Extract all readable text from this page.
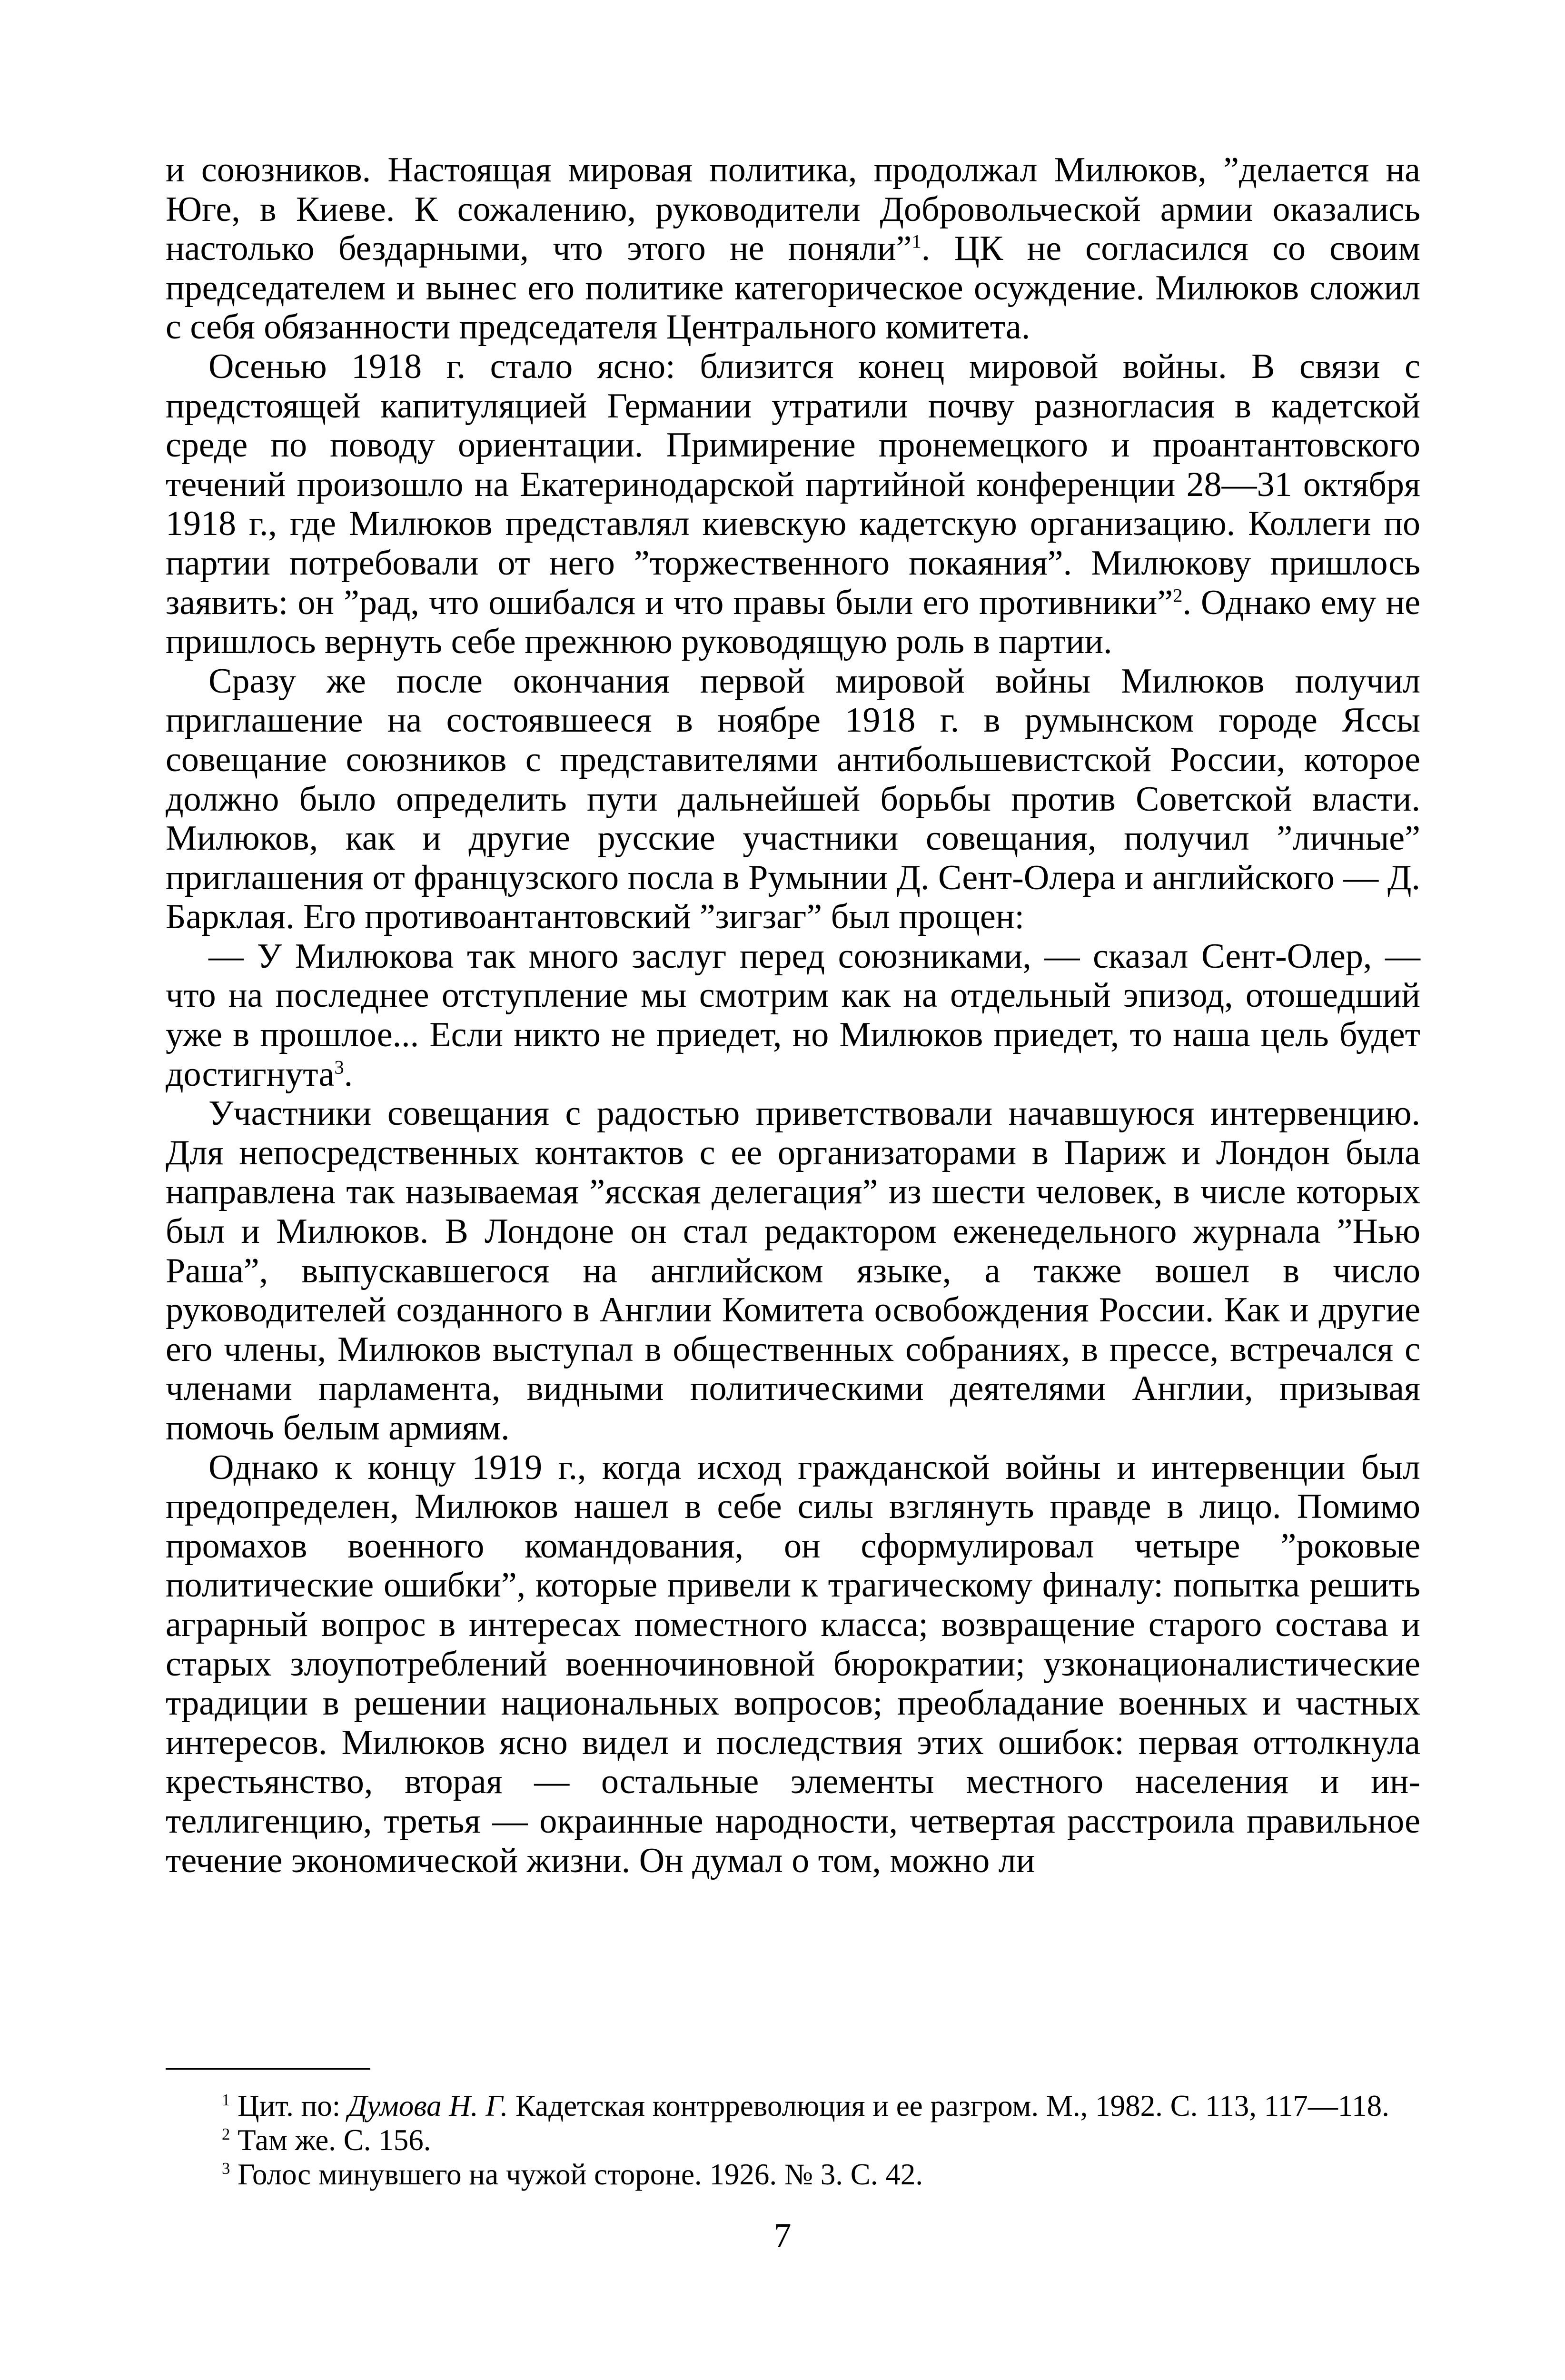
и союзников. Настоящая мировая политика, продолжал Милюков, ”делается на Юге, в Киеве. К сожалению, руководители Добровольческой армии оказались настолько бездарными, что этого не поняли”$^1$. ЦК не согласился со своим председателем и вынес его политике категорическое осуждение. Милюков сложил с себя обязанности председателя Центрального комитета.

Осенью 1918 г. стало ясно: близится конец мировой войны. В связи с предстоящей капитуляцией Германии утратили почву разногласия в кадетской среде по поводу ориентации. Примирение пронемецкого и проантантовского течений произошло на Екатеринодарской партийной конференции 28—31 октября 1918 г., где Милюков представлял киевскую кадетскую организацию. Коллеги по партии потребовали от него ”торжественного покаяния”. Милюкову пришлось заявить: он ”рад, что ошибался и что правы были его противники”$^2$. Однако ему не пришлось вернуть себе прежнюю руководящую роль в партии.

Сразу же после окончания первой мировой войны Милюков получил приглашение на состоявшееся в ноябре 1918 г. в румынском городе Яссы совещание союзников с представителями антибольшевистской России, которое должно было определить пути дальнейшей борьбы против Советской власти. Милюков, как и другие русские участники совещания, получил ”личные” приглашения от французского посла в Румынии Д. Сент-Олера и английского — Д. Барклая. Его противоантантовский ”зигзаг” был прощен:

— У Милюкова так много заслуг перед союзниками, — сказал Сент-Олер, — что на последнее отступление мы смотрим как на отдельный эпизод, отошедший уже в прошлое... Если никто не приедет, но Милюков приедет, то наша цель будет достигнута$^3$.

Участники совещания с радостью приветствовали начавшуюся интервенцию. Для непосредственных контактов с ее организаторами в Париж и Лондон была направлена так называемая ”ясская делегация” из шести человек, в числе которых был и Милюков. В Лондоне он стал редактором еженедельного журнала ”Нью Раша”, выпускавшегося на английском языке, а также вошел в число руководителей созданного в Англии Комитета освобождения России. Как и другие его члены, Милюков выступал в общественных собраниях, в прессе, встречался с членами парламента, видными политическими деятелями Англии, призывая помочь белым армиям.

Однако к концу 1919 г., когда исход гражданской войны и интервенции был предопределен, Милюков нашел в себе силы взглянуть правде в лицо. Помимо промахов военного командования, он сформулировал четыре ”роковые политические ошибки”, которые привели к трагическому финалу: попытка решить аграрный вопрос в интересах поместного класса; возвращение старого состава и старых злоупотреблений военночиновной бюрократии; узконационалистические традиции в решении национальных вопросов; преобладание военных и частных интересов. Милюков ясно видел и последствия этих ошибок: первая оттолкнула крестьянство, вторая — остальные элементы местного населения и интеллигенцию, третья — окраинные народности, четвертая расстроила правильное течение экономической жизни. Он думал о том, можно ли

$^1$ Цит. по: Думова Н. Г. Кадетская контрреволюция и ее разгром. М., 1982. С. 113, 117—118.

$^2$ Там же. С. 156.

$^3$ Голос минувшего на чужой стороне. 1926. № 3. С. 42.

7
